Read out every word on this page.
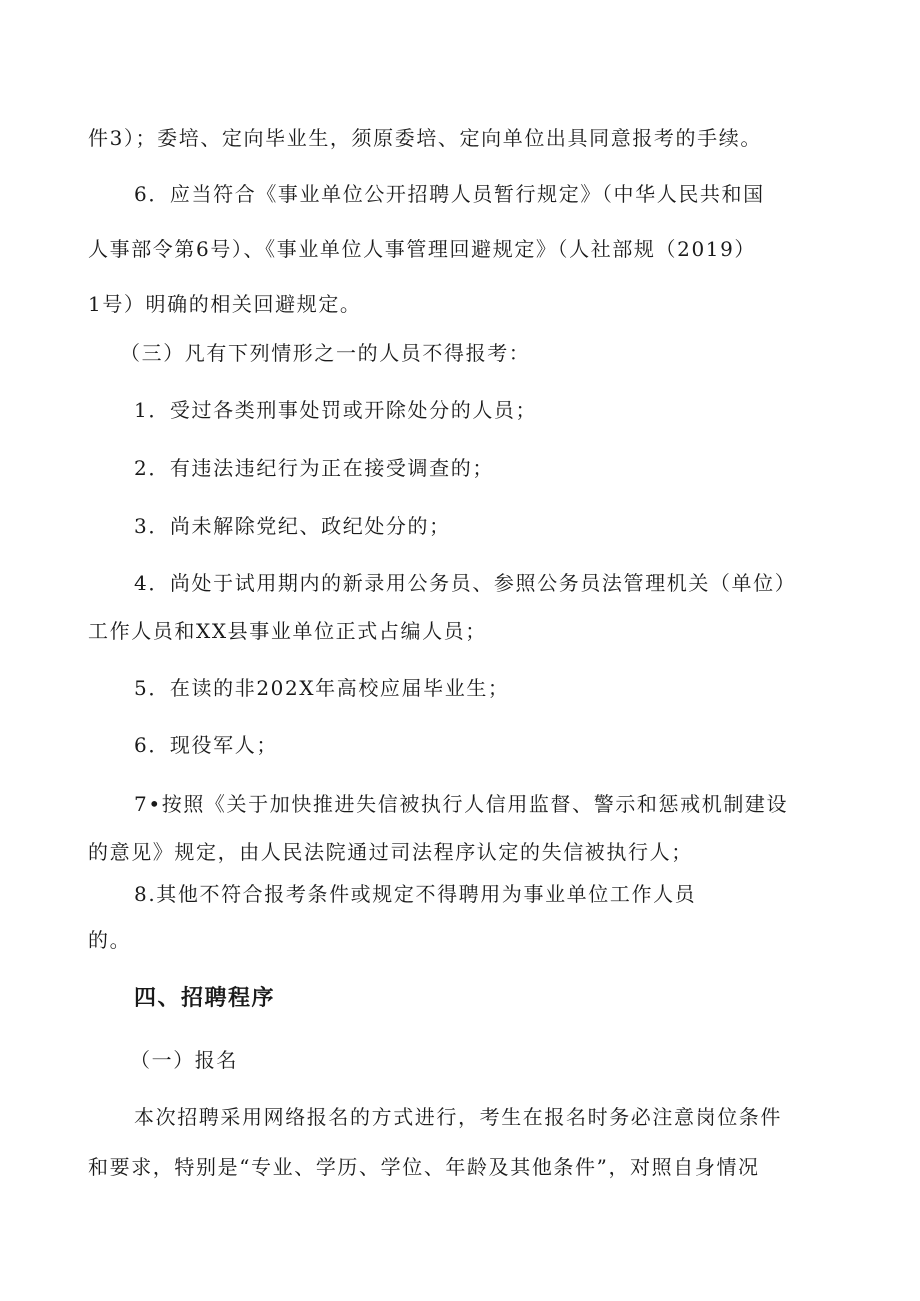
件3）；委培、定向毕业生，须原委培、定向单位出具同意报考的手续。

6．应当符合《事业单位公开招聘人员暂行规定》（中华人民共和国

人事部令第6号）、《事业单位人事管理回避规定》（人社部规（2019）

1号）明确的相关回避规定。

（三）凡有下列情形之一的人员不得报考：

1．受过各类刑事处罚或开除处分的人员；

2．有违法违纪行为正在接受调查的；

3．尚未解除党纪、政纪处分的；

4．尚处于试用期内的新录用公务员、参照公务员法管理机关（单位）

工作人员和XX县事业单位正式占编人员；

5．在读的非202X年高校应届毕业生；

6．现役军人；

7•按照《关于加快推进失信被执行人信用监督、警示和惩戒机制建设

的意见》规定，由人民法院通过司法程序认定的失信被执行人；

8.其他不符合报考条件或规定不得聘用为事业单位工作人员

的。

四、招聘程序

（一）报名

本次招聘采用网络报名的方式进行，考生在报名时务必注意岗位条件

和要求，特别是“专业、学历、学位、年龄及其他条件”，对照自身情况
